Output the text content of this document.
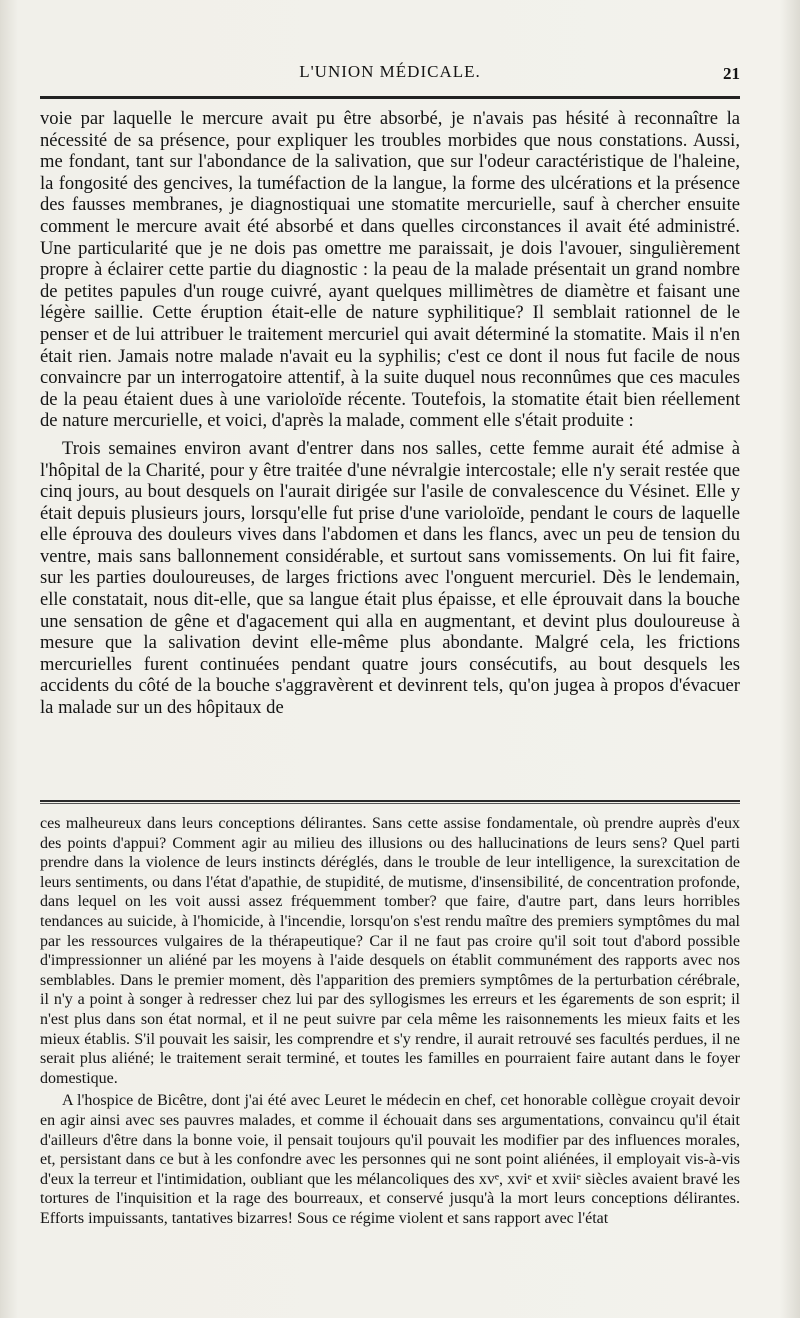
L'UNION MÉDICALE.	21

voie par laquelle le mercure avait pu être absorbé, je n'avais pas hésité à reconnaître la nécessité de sa présence, pour expliquer les troubles morbides que nous constations. Aussi, me fondant, tant sur l'abondance de la salivation, que sur l'odeur caractéristique de l'haleine, la fongosité des gencives, la tuméfaction de la langue, la forme des ulcérations et la présence des fausses membranes, je diagnostiquai une stomatite mercurielle, sauf à chercher ensuite comment le mercure avait été absorbé et dans quelles circonstances il avait été administré. Une particularité que je ne dois pas omettre me paraissait, je dois l'avouer, singulièrement propre à éclairer cette partie du diagnostic : la peau de la malade présentait un grand nombre de petites papules d'un rouge cuivré, ayant quelques millimètres de diamètre et faisant une légère saillie. Cette éruption était-elle de nature syphilitique? Il semblait rationnel de le penser et de lui attribuer le traitement mercuriel qui avait déterminé la stomatite. Mais il n'en était rien. Jamais notre malade n'avait eu la syphilis; c'est ce dont il nous fut facile de nous convaincre par un interrogatoire attentif, à la suite duquel nous reconnûmes que ces macules de la peau étaient dues à une varioloïde récente. Toutefois, la stomatite était bien réellement de nature mercurielle, et voici, d'après la malade, comment elle s'était produite :

Trois semaines environ avant d'entrer dans nos salles, cette femme aurait été admise à l'hôpital de la Charité, pour y être traitée d'une névralgie intercostale; elle n'y serait restée que cinq jours, au bout desquels on l'aurait dirigée sur l'asile de convalescence du Vésinet. Elle y était depuis plusieurs jours, lorsqu'elle fut prise d'une varioloïde, pendant le cours de laquelle elle éprouva des douleurs vives dans l'abdomen et dans les flancs, avec un peu de tension du ventre, mais sans ballonnement considérable, et surtout sans vomissements. On lui fit faire, sur les parties douloureuses, de larges frictions avec l'onguent mercuriel. Dès le lendemain, elle constatait, nous dit-elle, que sa langue était plus épaisse, et elle éprouvait dans la bouche une sensation de gêne et d'agacement qui alla en augmentant, et devint plus douloureuse à mesure que la salivation devint elle-même plus abondante. Malgré cela, les frictions mercurielles furent continuées pendant quatre jours consécutifs, au bout desquels les accidents du côté de la bouche s'aggravèrent et devinrent tels, qu'on jugea à propos d'évacuer la malade sur un des hôpitaux de

ces malheureux dans leurs conceptions délirantes. Sans cette assise fondamentale, où prendre auprès d'eux des points d'appui? Comment agir au milieu des illusions ou des hallucinations de leurs sens? Quel parti prendre dans la violence de leurs instincts déréglés, dans le trouble de leur intelligence, la surexcitation de leurs sentiments, ou dans l'état d'apathie, de stupidité, de mutisme, d'insensibilité, de concentration profonde, dans lequel on les voit aussi assez fréquemment tomber? que faire, d'autre part, dans leurs horribles tendances au suicide, à l'homicide, à l'incendie, lorsqu'on s'est rendu maître des premiers symptômes du mal par les ressources vulgaires de la thérapeutique? Car il ne faut pas croire qu'il soit tout d'abord possible d'impressionner un aliéné par les moyens à l'aide desquels on établit communément des rapports avec nos semblables. Dans le premier moment, dès l'apparition des premiers symptômes de la perturbation cérébrale, il n'y a point à songer à redresser chez lui par des syllogismes les erreurs et les égarements de son esprit; il n'est plus dans son état normal, et il ne peut suivre par cela même les raisonnements les mieux faits et les mieux établis. S'il pouvait les saisir, les comprendre et s'y rendre, il aurait retrouvé ses facultés perdues, il ne serait plus aliéné; le traitement serait terminé, et toutes les familles en pourraient faire autant dans le foyer domestique.

A l'hospice de Bicêtre, dont j'ai été avec Leuret le médecin en chef, cet honorable collègue croyait devoir en agir ainsi avec ses pauvres malades, et comme il échouait dans ses argumentations, convaincu qu'il était d'ailleurs d'être dans la bonne voie, il pensait toujours qu'il pouvait les modifier par des influences morales, et, persistant dans ce but à les confondre avec les personnes qui ne sont point aliénées, il employait vis-à-vis d'eux la terreur et l'intimidation, oubliant que les mélancoliques des xvᵉ, xviᵉ et xviiᵉ siècles avaient bravé les tortures de l'inquisition et la rage des bourreaux, et conservé jusqu'à la mort leurs conceptions délirantes. Efforts impuissants, tantatives bizarres! Sous ce régime violent et sans rapport avec l'état
